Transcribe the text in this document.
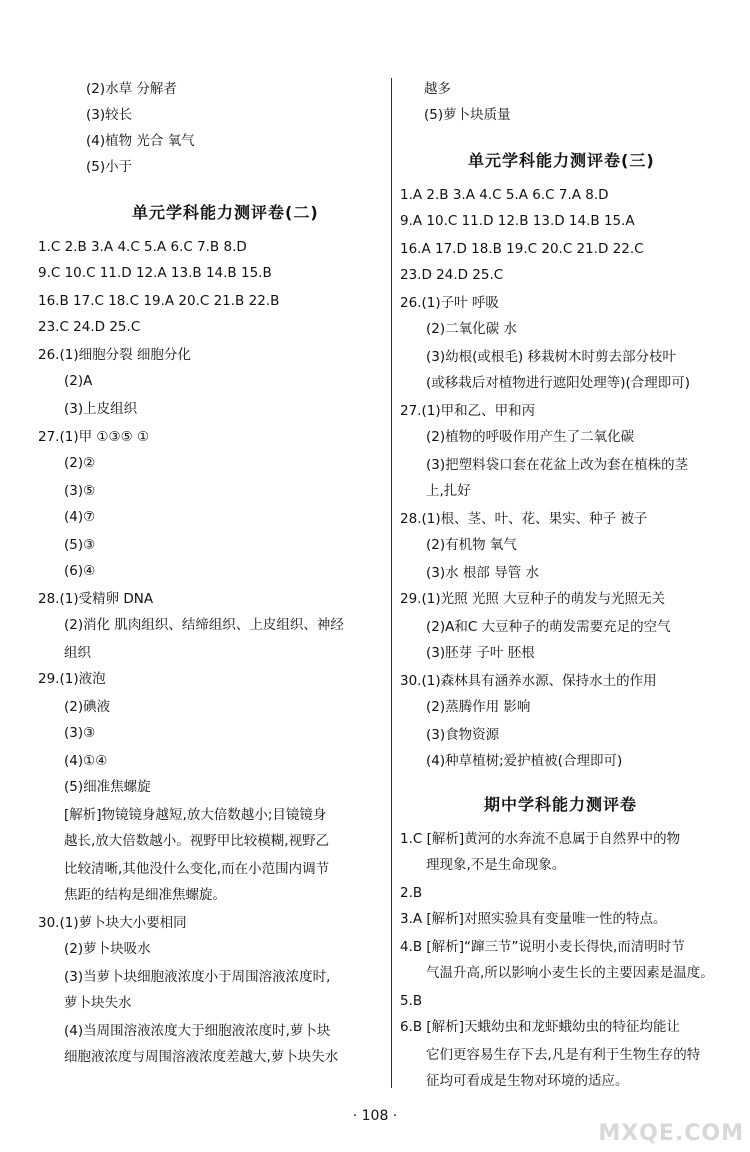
(2)水草 分解者
(3)较长
(4)植物 光合 氧气
(5)小于
单元学科能力测评卷(二)
1.C 2.B 3.A 4.C 5.A 6.C 7.B 8.D
9.C 10.C 11.D 12.A 13.B 14.B 15.B
16.B 17.C 18.C 19.A 20.C 21.B 22.B
23.C 24.D 25.C
26.(1)细胞分裂 细胞分化
(2)A
(3)上皮组织
27.(1)甲 ①③⑤ ①
(2)②
(3)⑤
(4)⑦
(5)③
(6)④
28.(1)受精卵 DNA
(2)消化 肌肉组织、结缔组织、上皮组织、神经
组织
29.(1)液泡
(2)碘液
(3)③
(4)①④
(5)细准焦螺旋
[解析]物镜镜身越短,放大倍数越小;目镜镜身
越长,放大倍数越小。视野甲比较模糊,视野乙
比较清晰,其他没什么变化,而在小范围内调节
焦距的结构是细准焦螺旋。
30.(1)萝卜块大小要相同
(2)萝卜块吸水
(3)当萝卜块细胞液浓度小于周围溶液浓度时,
萝卜块失水
(4)当周围溶液浓度大于细胞液浓度时,萝卜块
细胞液浓度与周围溶液浓度差越大,萝卜块失水
越多
(5)萝卜块质量
单元学科能力测评卷(三)
1.A 2.B 3.A 4.C 5.A 6.C 7.A 8.D
9.A 10.C 11.D 12.B 13.D 14.B 15.A
16.A 17.D 18.B 19.C 20.C 21.D 22.C
23.D 24.D 25.C
26.(1)子叶 呼吸
(2)二氧化碳 水
(3)幼根(或根毛) 移栽树木时剪去部分枝叶
(或移栽后对植物进行遮阳处理等)(合理即可)
27.(1)甲和乙、甲和丙
(2)植物的呼吸作用产生了二氧化碳
(3)把塑料袋口套在花盆上改为套在植株的茎
上,扎好
28.(1)根、茎、叶、花、果实、种子 被子
(2)有机物 氧气
(3)水 根部 导管 水
29.(1)光照 光照 大豆种子的萌发与光照无关
(2)A和C 大豆种子的萌发需要充足的空气
(3)胚芽 子叶 胚根
30.(1)森林具有涵养水源、保持水土的作用
(2)蒸腾作用 影响
(3)食物资源
(4)种草植树;爱护植被(合理即可)
期中学科能力测评卷
1.C [解析]黄河的水奔流不息属于自然界中的物
理现象,不是生命现象。
2.B
3.A [解析]对照实验具有变量唯一性的特点。
4.B [解析]“蹿三节”说明小麦长得快,而清明时节
气温升高,所以影响小麦生长的主要因素是温度。
5.B
6.B [解析]天蛾幼虫和龙虾蛾幼虫的特征均能让
它们更容易生存下去,凡是有利于生物生存的特
征均可看成是生物对环境的适应。
· 108 ·
MXQE.COM
